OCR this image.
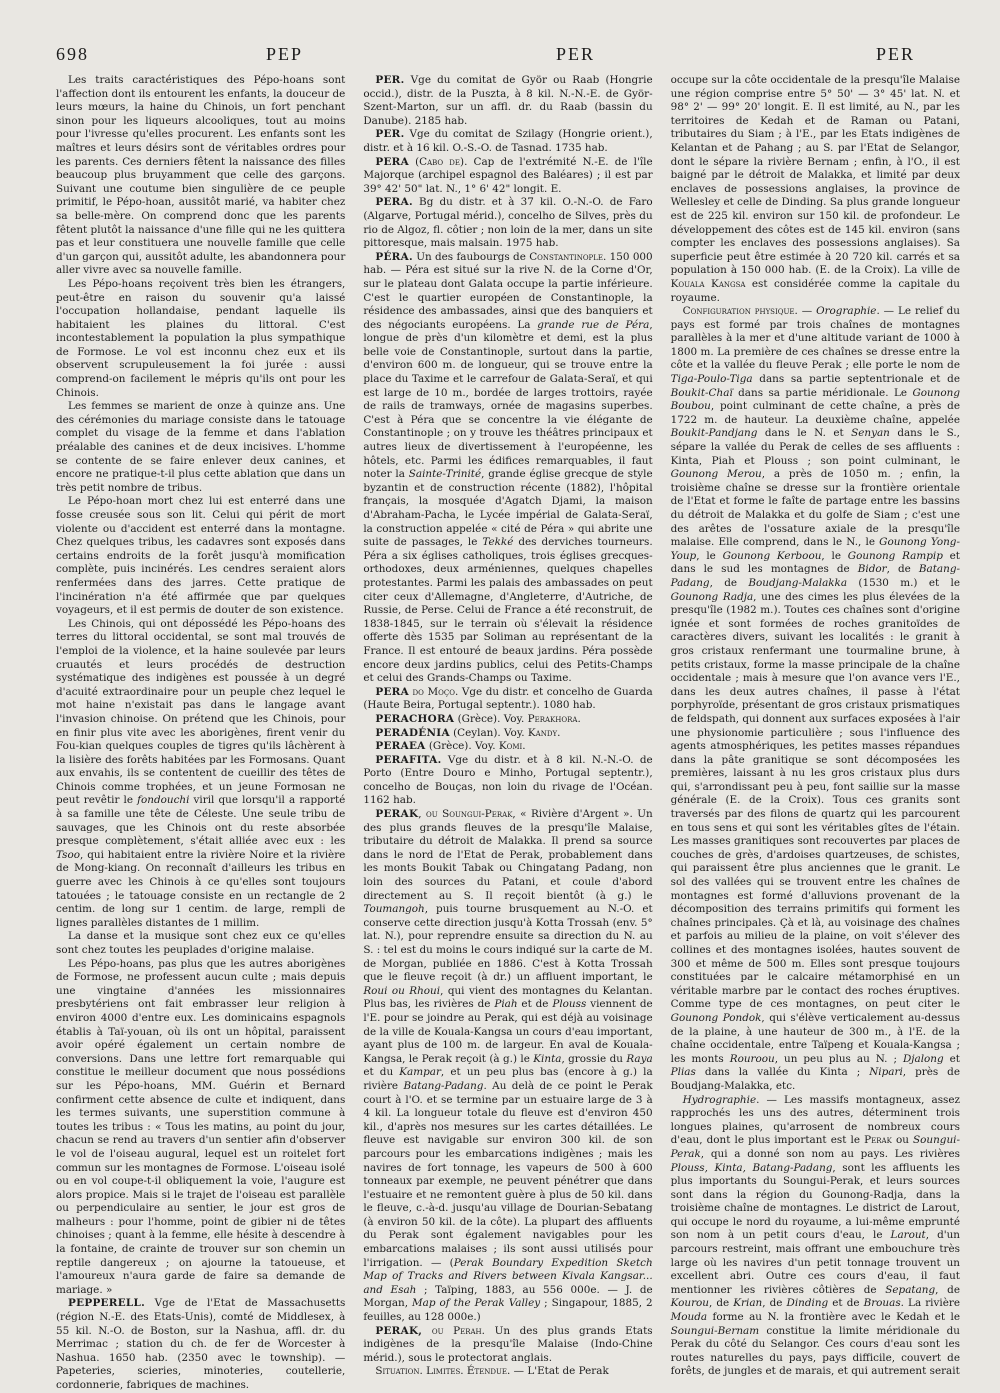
698	PEP	PER	PER

Les traits caractéristiques des Pépo-hoans sont l'affection dont ils entourent les enfants, la douceur de leurs mœurs, la haine du Chinois, un fort penchant sinon pour les liqueurs alcooliques, tout au moins pour l'ivresse qu'elles procurent. Les enfants sont les maîtres et leurs désirs sont de véritables ordres pour les parents. Ces derniers fêtent la naissance des filles beaucoup plus bruyamment que celle des garçons. Suivant une coutume bien singulière de ce peuple primitif, le Pépo-hoan, aussitôt marié, va habiter chez sa belle-mère. On comprend donc que les parents fêtent plutôt la naissance d'une fille qui ne les quittera pas et leur constituera une nouvelle famille que celle d'un garçon qui, aussitôt adulte, les abandonnera pour aller vivre avec sa nouvelle famille.

Les Pépo-hoans reçoivent très bien les étrangers, peut-être en raison du souvenir qu'a laissé l'occupation hollandaise, pendant laquelle ils habitaient les plaines du littoral. C'est incontestablement la population la plus sympathique de Formose. Le vol est inconnu chez eux et ils observent scrupuleusement la foi jurée : aussi comprend-on facilement le mépris qu'ils ont pour les Chinois.

Les femmes se marient de onze à quinze ans. Une des cérémonies du mariage consiste dans le tatouage complet du visage de la femme et dans l'ablation préalable des canines et de deux incisives. L'homme se contente de se faire enlever deux canines, et encore ne pratique-t-il plus cette ablation que dans un très petit nombre de tribus.

Le Pépo-hoan mort chez lui est enterré dans une fosse creusée sous son lit. Celui qui périt de mort violente ou d'accident est enterré dans la montagne. Chez quelques tribus, les cadavres sont exposés dans certains endroits de la forêt jusqu'à momification complète, puis incinérés. Les cendres seraient alors renfermées dans des jarres. Cette pratique de l'incinération n'a été affirmée que par quelques voyageurs, et il est permis de douter de son existence.

Les Chinois, qui ont dépossédé les Pépo-hoans des terres du littoral occidental, se sont mal trouvés de l'emploi de la violence, et la haine soulevée par leurs cruautés et leurs procédés de destruction systématique des indigènes est poussée à un degré d'acuité extraordinaire pour un peuple chez lequel le mot haine n'existait pas dans le langage avant l'invasion chinoise. On prétend que les Chinois, pour en finir plus vite avec les aborigènes, firent venir du Fou-kian quelques couples de tigres qu'ils lâchèrent à la lisière des forêts habitées par les Formosans. Quant aux envahis, ils se contentent de cueillir des têtes de Chinois comme trophées, et un jeune Formosan ne peut revêtir le fondouchi viril que lorsqu'il a rapporté à sa famille une tête de Céleste. Une seule tribu de sauvages, que les Chinois ont du reste absorbée presque complètement, s'était alliée avec eux : les Tsoo, qui habitaient entre la rivière Noire et la rivière de Mong-kiang. On reconnaît d'ailleurs les tribus en guerre avec les Chinois à ce qu'elles sont toujours tatouées ; le tatouage consiste en un rectangle de 2 centim. de long sur 1 centim. de large, rempli de lignes parallèles distantes de 1 millim.

La danse et la musique sont chez eux ce qu'elles sont chez toutes les peuplades d'origine malaise.

Les Pépo-hoans, pas plus que les autres aborigènes de Formose, ne professent aucun culte ; mais depuis une vingtaine d'années les missionnaires presbytériens ont fait embrasser leur religion à environ 4000 d'entre eux. Les dominicains espagnols établis à Taï-youan, où ils ont un hôpital, paraissent avoir opéré également un certain nombre de conversions. Dans une lettre fort remarquable qui constitue le meilleur document que nous possédions sur les Pépo-hoans, MM. Guérin et Bernard confirment cette absence de culte et indiquent, dans les termes suivants, une superstition commune à toutes les tribus : « Tous les matins, au point du jour, chacun se rend au travers d'un sentier afin d'observer le vol de l'oiseau augural, lequel est un roitelet fort commun sur les montagnes de Formose. L'oiseau isolé ou en vol coupe-t-il obliquement la voie, l'augure est alors propice. Mais si le trajet de l'oiseau est parallèle ou perpendiculaire au sentier, le jour est gros de malheurs : pour l'homme, point de gibier ni de têtes chinoises ; quant à la femme, elle hésite à descendre à la fontaine, de crainte de trouver sur son chemin un reptile dangereux ; on ajourne la tatoueuse, et l'amoureux n'aura garde de faire sa demande de mariage. »

PEPPERELL. Vge de l'Etat de Massachusetts (région N.-E. des Etats-Unis), comté de Middlesex, à 55 kil. N.-O. de Boston, sur la Nashua, affl. dr. du Merrimac ; station du ch. de fer de Worcester à Nashua. 1650 hab. (2350 avec le township). — Papeteries, scieries, minoteries, coutellerie, cordonnerie, fabriques de machines.

PER. Vge du comitat de Györ ou Raab (Hongrie occid.), distr. de la Puszta, à 8 kil. N.-N.-E. de Györ-Szent-Marton, sur un affl. dr. du Raab (bassin du Danube). 2185 hab.

PER. Vge du comitat de Szilagy (Hongrie orient.), distr. et à 16 kil. O.-S.-O. de Tasnad. 1735 hab.

PERA (Cabo de). Cap de l'extrémité N.-E. de l'île Majorque (archipel espagnol des Baléares) ; il est par 39° 42' 50" lat. N., 1° 6' 42" longit. E.

PERA. Bg du distr. et à 37 kil. O.-N.-O. de Faro (Algarve, Portugal mérid.), concelho de Silves, près du rio de Algoz, fl. côtier ; non loin de la mer, dans un site pittoresque, mais malsain. 1975 hab.

PÉRA. Un des faubourgs de Constantinople. 150 000 hab. — Péra est situé sur la rive N. de la Corne d'Or, sur le plateau dont Galata occupe la partie inférieure. C'est le quartier européen de Constantinople, la résidence des ambassades, ainsi que des banquiers et des négociants européens. La grande rue de Péra, longue de près d'un kilomètre et demi, est la plus belle voie de Constantinople, surtout dans la partie, d'environ 600 m. de longueur, qui se trouve entre la place du Taxime et le carrefour de Galata-Seraï, et qui est large de 10 m., bordée de larges trottoirs, rayée de rails de tramways, ornée de magasins superbes. C'est à Péra que se concentre la vie élégante de Constantinople ; on y trouve les théâtres principaux et autres lieux de divertissement à l'européenne, les hôtels, etc. Parmi les édifices remarquables, il faut noter la Sainte-Trinité, grande église grecque de style byzantin et de construction récente (1882), l'hôpital français, la mosquée d'Agatch Djami, la maison d'Abraham-Pacha, le Lycée impérial de Galata-Seraï, la construction appelée « cité de Péra » qui abrite une suite de passages, le Tekké des derviches tourneurs. Péra a six églises catholiques, trois églises grecques-orthodoxes, deux arméniennes, quelques chapelles protestantes. Parmi les palais des ambassades on peut citer ceux d'Allemagne, d'Angleterre, d'Autriche, de Russie, de Perse. Celui de France a été reconstruit, de 1838-1845, sur le terrain où s'élevait la résidence offerte dès 1535 par Soliman au représentant de la France. Il est entouré de beaux jardins. Péra possède encore deux jardins publics, celui des Petits-Champs et celui des Grands-Champs ou Taxime.

PERA do Moço. Vge du distr. et concelho de Guarda (Haute Beira, Portugal septentr.). 1080 hab.

PERACHORA (Grèce). Voy. Perakhora.

PERADÉNIA (Ceylan). Voy. Kandy.

PERAEA (Grèce). Voy. Komi.

PERAFITA. Vge du distr. et à 8 kil. N.-N.-O. de Porto (Entre Douro e Minho, Portugal septentr.), concelho de Bouças, non loin du rivage de l'Océan. 1162 hab.

PERAK, ou Soungui-Perak, « Rivière d'Argent ». Un des plus grands fleuves de la presqu'île Malaise, tributaire du détroit de Malakka. Il prend sa source dans le nord de l'Etat de Perak, probablement dans les monts Boukit Tabak ou Chingatang Padang, non loin des sources du Patani, et coule d'abord directement au S. Il reçoit bientôt (à g.) le Toumangoh, puis tourne brusquement au N.-O. et conserve cette direction jusqu'à Kotta Trossah (env. 5° lat. N.), pour reprendre ensuite sa direction du N. au S. : tel est du moins le cours indiqué sur la carte de M. de Morgan, publiée en 1886. C'est à Kotta Trossah que le fleuve reçoit (à dr.) un affluent important, le Roui ou Rhoui, qui vient des montagnes du Kelantan. Plus bas, les rivières de Piah et de Plouss viennent de l'E. pour se joindre au Perak, qui est déjà au voisinage de la ville de Kouala-Kangsa un cours d'eau important, ayant plus de 100 m. de largeur. En aval de Kouala-Kangsa, le Perak reçoit (à g.) le Kinta, grossie du Raya et du Kampar, et un peu plus bas (encore à g.) la rivière Batang-Padang. Au delà de ce point le Perak court à l'O. et se termine par un estuaire large de 3 à 4 kil. La longueur totale du fleuve est d'environ 450 kil., d'après nos mesures sur les cartes détaillées. Le fleuve est navigable sur environ 300 kil. de son parcours pour les embarcations indigènes ; mais les navires de fort tonnage, les vapeurs de 500 à 600 tonneaux par exemple, ne peuvent pénétrer que dans l'estuaire et ne remontent guère à plus de 50 kil. dans le fleuve, c.-à-d. jusqu'au village de Dourian-Sebatang (à environ 50 kil. de la côte). La plupart des affluents du Perak sont également navigables pour les embarcations malaises ; ils sont aussi utilisés pour l'irrigation. — (Perak Boundary Expedition Sketch Map of Tracks and Rivers between Kivala Kangsar... and Esah ; Taïping, 1883, au 556 000e. — J. de Morgan, Map of the Perak Valley ; Singapour, 1885, 2 feuilles, au 128 000e.)

PERAK, ou Perah. Un des plus grands Etats indigènes de la presqu'île Malaise (Indo-Chine mérid.), sous le protectorat anglais.

Situation. Limites. Étendue. — L'Etat de Perak

occupe sur la côte occidentale de la presqu'île Malaise une région comprise entre 5° 50' — 3° 45' lat. N. et 98° 2' — 99° 20' longit. E. Il est limité, au N., par les territoires de Kedah et de Raman ou Patani, tributaires du Siam ; à l'E., par les Etats indigènes de Kelantan et de Pahang ; au S. par l'Etat de Selangor, dont le sépare la rivière Bernam ; enfin, à l'O., il est baigné par le détroit de Malakka, et limité par deux enclaves de possessions anglaises, la province de Wellesley et celle de Dinding. Sa plus grande longueur est de 225 kil. environ sur 150 kil. de profondeur. Le développement des côtes est de 145 kil. environ (sans compter les enclaves des possessions anglaises). Sa superficie peut être estimée à 20 720 kil. carrés et sa population à 150 000 hab. (E. de la Croix). La ville de Kouala Kangsa est considérée comme la capitale du royaume.

Configuration physique. — Orographie. — Le relief du pays est formé par trois chaînes de montagnes parallèles à la mer et d'une altitude variant de 1000 à 1800 m. La première de ces chaînes se dresse entre la côte et la vallée du fleuve Perak ; elle porte le nom de Tiga-Poulo-Tiga dans sa partie septentrionale et de Boukit-Chaï dans sa partie méridionale. Le Gounong Boubou, point culminant de cette chaîne, a près de 1722 m. de hauteur. La deuxième chaîne, appelée Boukit-Pandjang dans le N. et Senyan dans le S., sépare la vallée du Perak de celles de ses affluents : Kinta, Piah et Plouss ; son point culminant, le Gounong Merou, a près de 1050 m. ; enfin, la troisième chaîne se dresse sur la frontière orientale de l'Etat et forme le faîte de partage entre les bassins du détroit de Malakka et du golfe de Siam ; c'est une des arêtes de l'ossature axiale de la presqu'île malaise. Elle comprend, dans le N., le Gounong Yong-Youp, le Gounong Kerboou, le Gounong Rampip et dans le sud les montagnes de Bidor, de Batang-Padang, de Boudjang-Malakka (1530 m.) et le Gounong Radja, une des cimes les plus élevées de la presqu'île (1982 m.). Toutes ces chaînes sont d'origine ignée et sont formées de roches granitoïdes de caractères divers, suivant les localités : le granit à gros cristaux renfermant une tourmaline brune, à petits cristaux, forme la masse principale de la chaîne occidentale ; mais à mesure que l'on avance vers l'E., dans les deux autres chaînes, il passe à l'état porphyroïde, présentant de gros cristaux prismatiques de feldspath, qui donnent aux surfaces exposées à l'air une physionomie particulière ; sous l'influence des agents atmosphériques, les petites masses répandues dans la pâte granitique se sont décomposées les premières, laissant à nu les gros cristaux plus durs qui, s'arrondissant peu à peu, font saillie sur la masse générale (E. de la Croix). Tous ces granits sont traversés par des filons de quartz qui les parcourent en tous sens et qui sont les véritables gîtes de l'étain. Les masses granitiques sont recouvertes par places de couches de grès, d'ardoises quartzeuses, de schistes, qui paraissent être plus anciennes que le granit. Le sol des vallées qui se trouvent entre les chaînes de montagnes est formé d'alluvions provenant de la décomposition des terrains primitifs qui forment les chaînes principales. Çà et là, au voisinage des chaînes et parfois au milieu de la plaine, on voit s'élever des collines et des montagnes isolées, hautes souvent de 300 et même de 500 m. Elles sont presque toujours constituées par le calcaire métamorphisé en un véritable marbre par le contact des roches éruptives. Comme type de ces montagnes, on peut citer le Gounong Pondok, qui s'élève verticalement au-dessus de la plaine, à une hauteur de 300 m., à l'E. de la chaîne occidentale, entre Taïpeng et Kouala-Kangsa ; les monts Rouroou, un peu plus au N. ; Djalong et Plias dans la vallée du Kinta ; Nipari, près de Boudjang-Malakka, etc.

Hydrographie. — Les massifs montagneux, assez rapprochés les uns des autres, déterminent trois longues plaines, qu'arrosent de nombreux cours d'eau, dont le plus important est le Perak ou Soungui-Perak, qui a donné son nom au pays. Les rivières Plouss, Kinta, Batang-Padang, sont les affluents les plus importants du Soungui-Perak, et leurs sources sont dans la région du Gounong-Radja, dans la troisième chaîne de montagnes. Le district de Larout, qui occupe le nord du royaume, a lui-même emprunté son nom à un petit cours d'eau, le Larout, d'un parcours restreint, mais offrant une embouchure très large où les navires d'un petit tonnage trouvent un excellent abri. Outre ces cours d'eau, il faut mentionner les rivières côtières de Sepatang, de Kourou, de Krian, de Dinding et de Brouas. La rivière Mouda forme au N. la frontière avec le Kedah et le Soungui-Bernam constitue la limite méridionale du Perak du côté du Selangor. Ces cours d'eau sont les routes naturelles du pays, pays difficile, couvert de forêts, de jungles et de marais, et qui autrement serait
